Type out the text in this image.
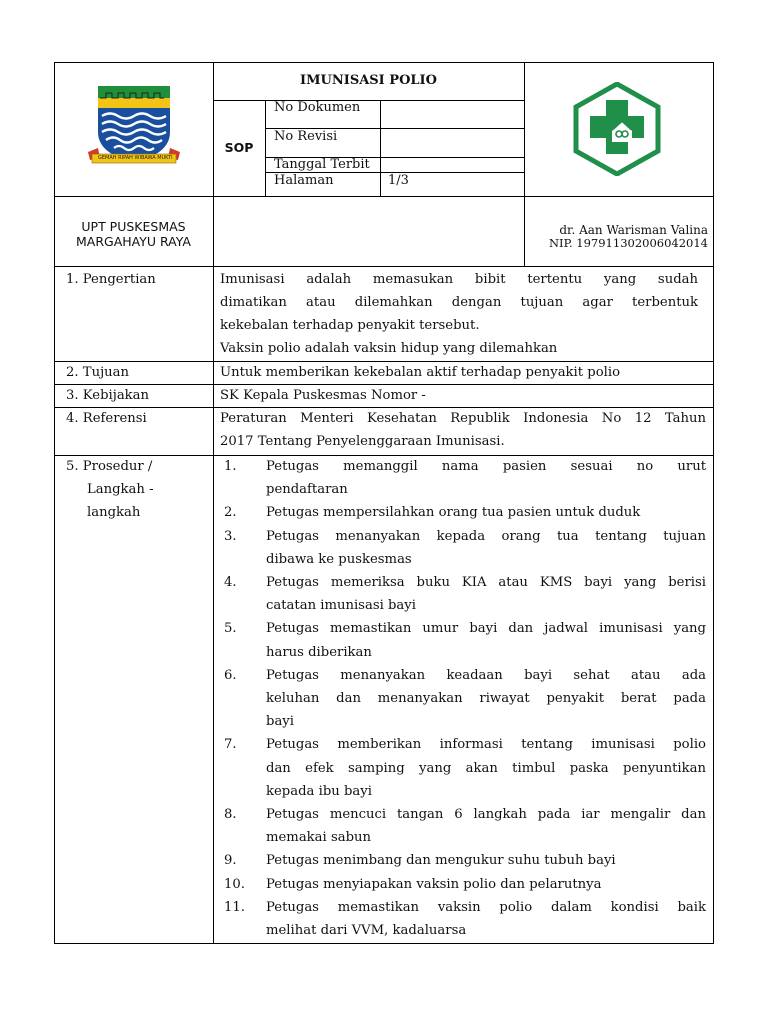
GEMAH RIPAH WIBAWA MUKTI
IMUNISASI POLIO
SOP
No Dokumen
No Revisi
Tanggal Terbit
Halaman	1/3
UPT PUSKESMAS
MARGAHAYU RAYA
dr. Aan Warisman Valina
NIP. 197911302006042014
1. Pengertian	Imunisasi adalah memasukan bibit tertentu yang sudah
dimatikan atau dilemahkan dengan tujuan agar terbentuk
kekebalan terhadap penyakit tersebut.
Vaksin polio adalah vaksin hidup yang dilemahkan
2. Tujuan	Untuk memberikan kekebalan aktif terhadap penyakit polio
3. Kebijakan	SK Kepala Puskesmas Nomor -
4. Referensi	Peraturan Menteri Kesehatan Republik Indonesia No 12 Tahun
2017 Tentang Penyelenggaraan Imunisasi.
5. Prosedur /
Langkah -
langkah
1.	Petugas memanggil nama pasien sesuai no urut
pendaftaran
2.	Petugas mempersilahkan orang tua pasien untuk duduk
3.	Petugas menanyakan kepada orang tua tentang tujuan
dibawa ke puskesmas
4.	Petugas memeriksa buku KIA atau KMS bayi yang berisi
catatan imunisasi bayi
5.	Petugas memastikan umur bayi dan jadwal imunisasi yang
harus diberikan
6.	Petugas menanyakan keadaan bayi sehat atau ada
keluhan dan menanyakan riwayat penyakit berat pada
bayi
7.	Petugas memberikan informasi tentang imunisasi polio
dan efek samping yang akan timbul paska penyuntikan
kepada ibu bayi
8.	Petugas mencuci tangan 6 langkah pada iar mengalir dan
memakai sabun
9.	Petugas menimbang dan mengukur suhu tubuh bayi
10.	Petugas menyiapakan vaksin polio dan pelarutnya
11.	Petugas memastikan vaksin polio dalam kondisi baik
melihat dari VVM, kadaluarsa
